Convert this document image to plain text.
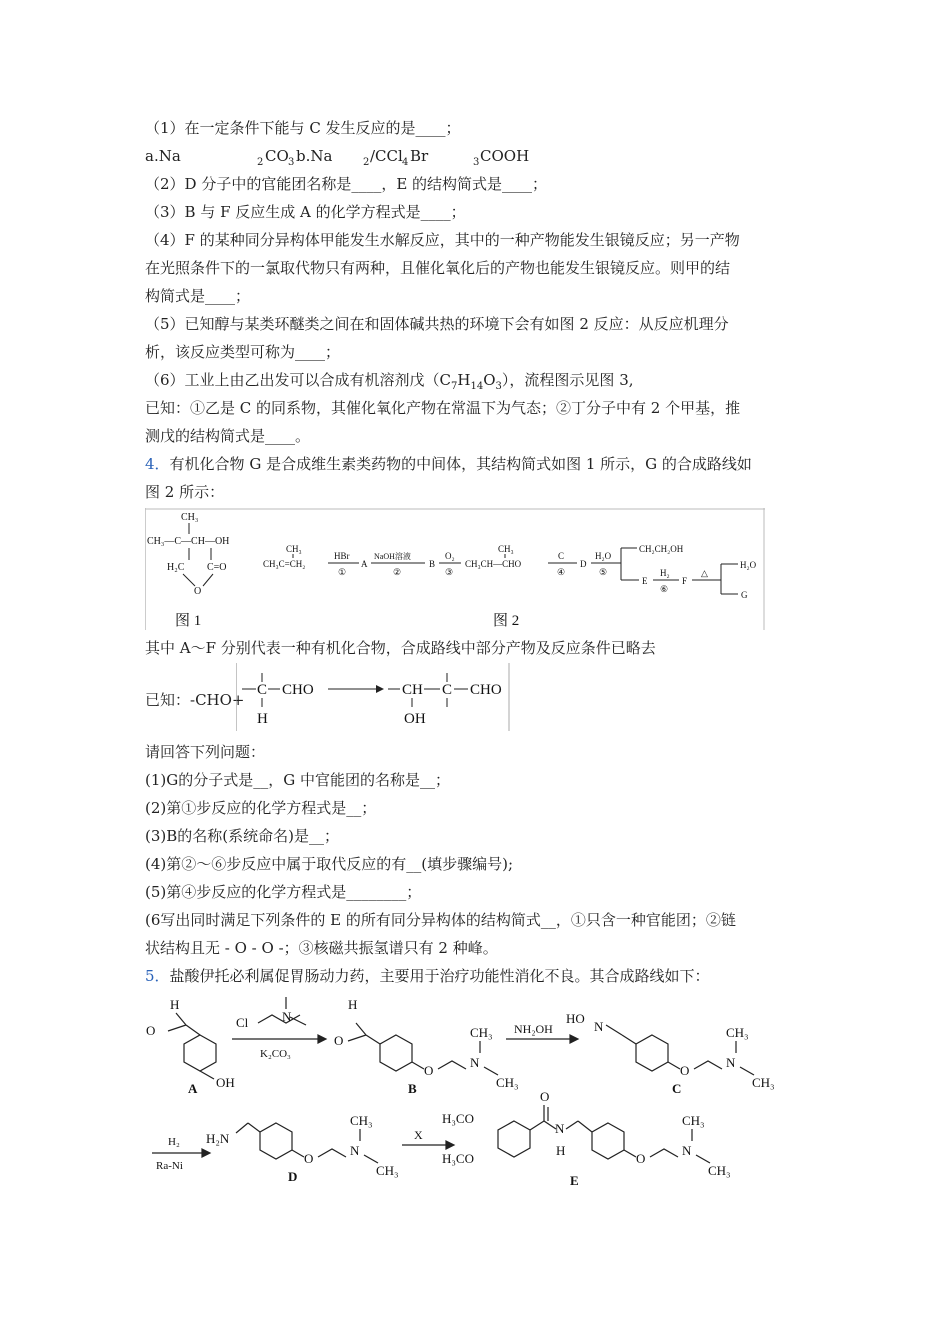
（1）在一定条件下能与 C 发生反应的是____；
a.Na	2 CO 3 b.Na	2 /CCl 4 Br	3 COOH
（2）D 分子中的官能团名称是____，E 的结构简式是____；
（3）B 与 F 反应生成 A 的化学方程式是____；
（4）F 的某种同分异构体甲能发生水解反应，其中的一种产物能发生银镜反应；另一产物
在光照条件下的一氯取代物只有两种，且催化氧化后的产物也能发生银镜反应。则甲的结
构简式是____；
（5）已知醇与某类环醚类之间在和固体碱共热的环境下会有如图 2 反应：从反应机理分
析，该反应类型可称为____；
（6）工业上由乙出发可以合成有机溶剂戊$(C_7H_{14}O_3)$，流程图示见图 3,
已知：①乙是 C 的同系物，其催化氧化产物在常温下为气态；②丁分子中有 2 个甲基，推
测戊的结构简式是____。
4．有机化合物 G 是合成维生素类药物的中间体，其结构简式如图 1 所示，G 的合成路线如
图 2 所示：
CH₃
CH₃—C—CH—OH
H₂C C=O
O
图 1	图 2
CH₃
CH₃C=CH₂
HBr
①
A
NaOH溶液
②
B
O₂
③
CH₃
CH₃CH—CHO
C
④
D
H₂O
⑤
CH₂CH₂OH
E
H₂
⑥
F
△
H₂O
G
其中 A～F 分别代表一种有机化合物，合成路线中部分产物及反应条件已略去
已知：-CHO+
C CHO
H
CH C CHO
OH
请回答下列问题：
(1)G的分子式是__，G 中官能团的名称是__；
(2)第①步反应的化学方程式是__；
(3)B的名称(系统命名)是__；
(4)第②～⑥步反应中属于取代反应的有__(填步骤编号);
(5)第④步反应的化学方程式是________；
(6写出同时满足下列条件的 E 的所有同分异构体的结构简式__，①只含一种官能团；②链
状结构且无 - O - O -；③核磁共振氢谱只有 2 种峰。
5．盐酸伊托必利属促胃肠动力药，主要用于治疗功能性消化不良。其合成路线如下：
H
O
OH
A
Cl	N
K₂CO₃
H
O
O
N
CH₃
CH₃
B
NH₂OH
HO
N
O
N
CH₃
CH₃
C
H₂
Ra-Ni
H₂N
O
N
CH₃
CH₃
D
X
H₃CO
H₃CO
O
N
H
O
N
CH₃
CH₃
E
